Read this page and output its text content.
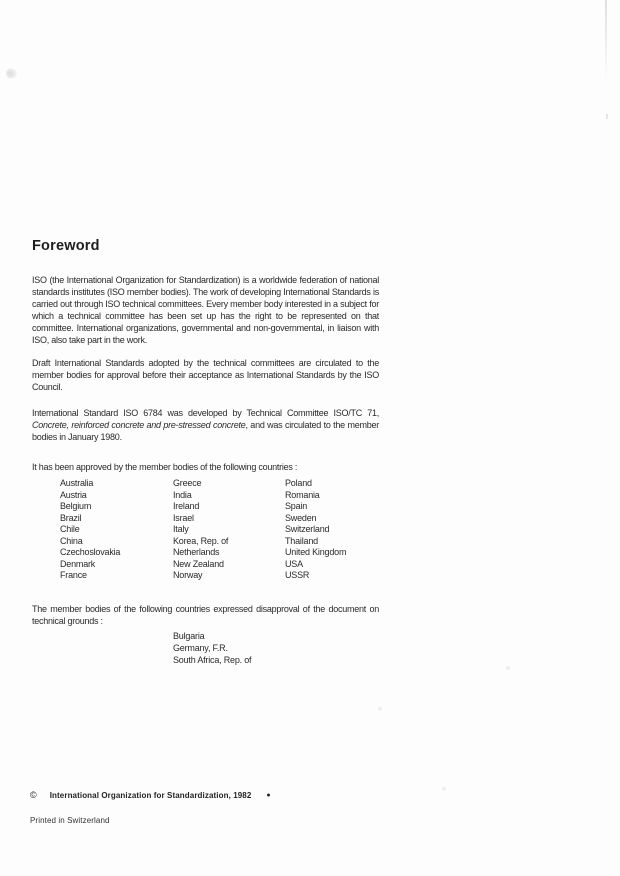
Foreword

ISO (the International Organization for Standardization) is a worldwide federation of national standards institutes (ISO member bodies). The work of developing International Standards is carried out through ISO technical committees. Every member body interested in a subject for which a technical committee has been set up has the right to be represented on that committee. International organizations, governmental and non-governmental, in liaison with ISO, also take part in the work.

Draft International Standards adopted by the technical committees are circulated to the member bodies for approval before their acceptance as International Standards by the ISO Council.

International Standard ISO 6784 was developed by Technical Committee ISO/TC 71, Concrete, reinforced concrete and pre-stressed concrete, and was circulated to the member bodies in January 1980.

It has been approved by the member bodies of the following countries :

Australia
Austria
Belgium
Brazil
Chile
China
Czechoslovakia
Denmark
France
Greece
India
Ireland
Israel
Italy
Korea, Rep. of
Netherlands
New Zealand
Norway
Poland
Romania
Spain
Sweden
Switzerland
Thailand
United Kingdom
USA
USSR

The member bodies of the following countries expressed disapproval of the document on technical grounds :

Bulgaria
Germany, F.R.
South Africa, Rep. of
© International Organization for Standardization, 1982 ●
Printed in Switzerland
